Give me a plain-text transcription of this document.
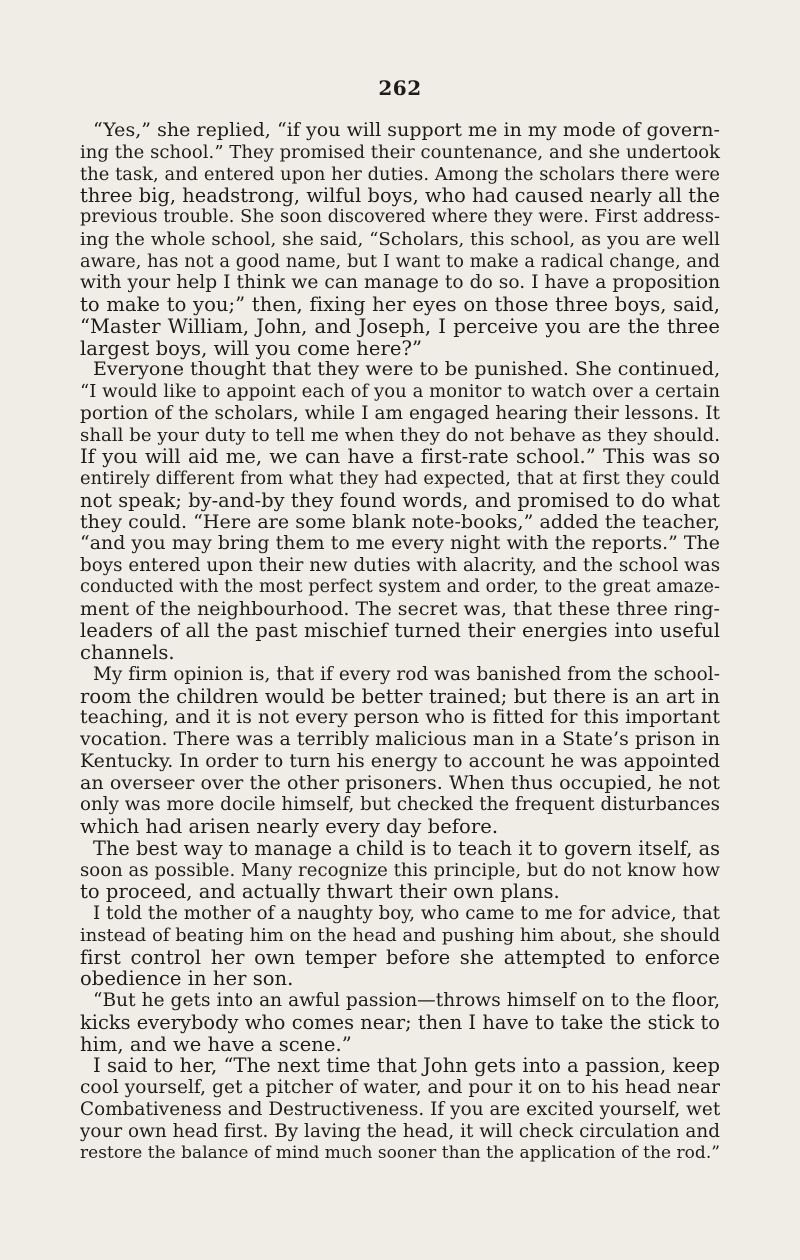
262
“Yes,” she replied, “if you will support me in my mode of govern-
ing the school.” They promised their countenance, and she undertook
the task, and entered upon her duties. Among the scholars there were
three big, headstrong, wilful boys, who had caused nearly all the
previous trouble. She soon discovered where they were. First address-
ing the whole school, she said, “Scholars, this school, as you are well
aware, has not a good name, but I want to make a radical change, and
with your help I think we can manage to do so. I have a proposition
to make to you;” then, fixing her eyes on those three boys, said,
“Master William, John, and Joseph, I perceive you are the three
largest boys, will you come here?”
Everyone thought that they were to be punished. She continued,
“I would like to appoint each of you a monitor to watch over a certain
portion of the scholars, while I am engaged hearing their lessons. It
shall be your duty to tell me when they do not behave as they should.
If you will aid me, we can have a first-rate school.” This was so
entirely different from what they had expected, that at first they could
not speak; by-and-by they found words, and promised to do what
they could. “Here are some blank note-books,” added the teacher,
“and you may bring them to me every night with the reports.” The
boys entered upon their new duties with alacrity, and the school was
conducted with the most perfect system and order, to the great amaze-
ment of the neighbourhood. The secret was, that these three ring-
leaders of all the past mischief turned their energies into useful
channels.
My firm opinion is, that if every rod was banished from the school-
room the children would be better trained; but there is an art in
teaching, and it is not every person who is fitted for this important
vocation. There was a terribly malicious man in a State’s prison in
Kentucky. In order to turn his energy to account he was appointed
an overseer over the other prisoners. When thus occupied, he not
only was more docile himself, but checked the frequent disturbances
which had arisen nearly every day before.
The best way to manage a child is to teach it to govern itself, as
soon as possible. Many recognize this principle, but do not know how
to proceed, and actually thwart their own plans.
I told the mother of a naughty boy, who came to me for advice, that
instead of beating him on the head and pushing him about, she should
first control her own temper before she attempted to enforce
obedience in her son.
“But he gets into an awful passion—throws himself on to the floor,
kicks everybody who comes near; then I have to take the stick to
him, and we have a scene.”
I said to her, “The next time that John gets into a passion, keep
cool yourself, get a pitcher of water, and pour it on to his head near
Combativeness and Destructiveness. If you are excited yourself, wet
your own head first. By laving the head, it will check circulation and
restore the balance of mind much sooner than the application of the rod.”
